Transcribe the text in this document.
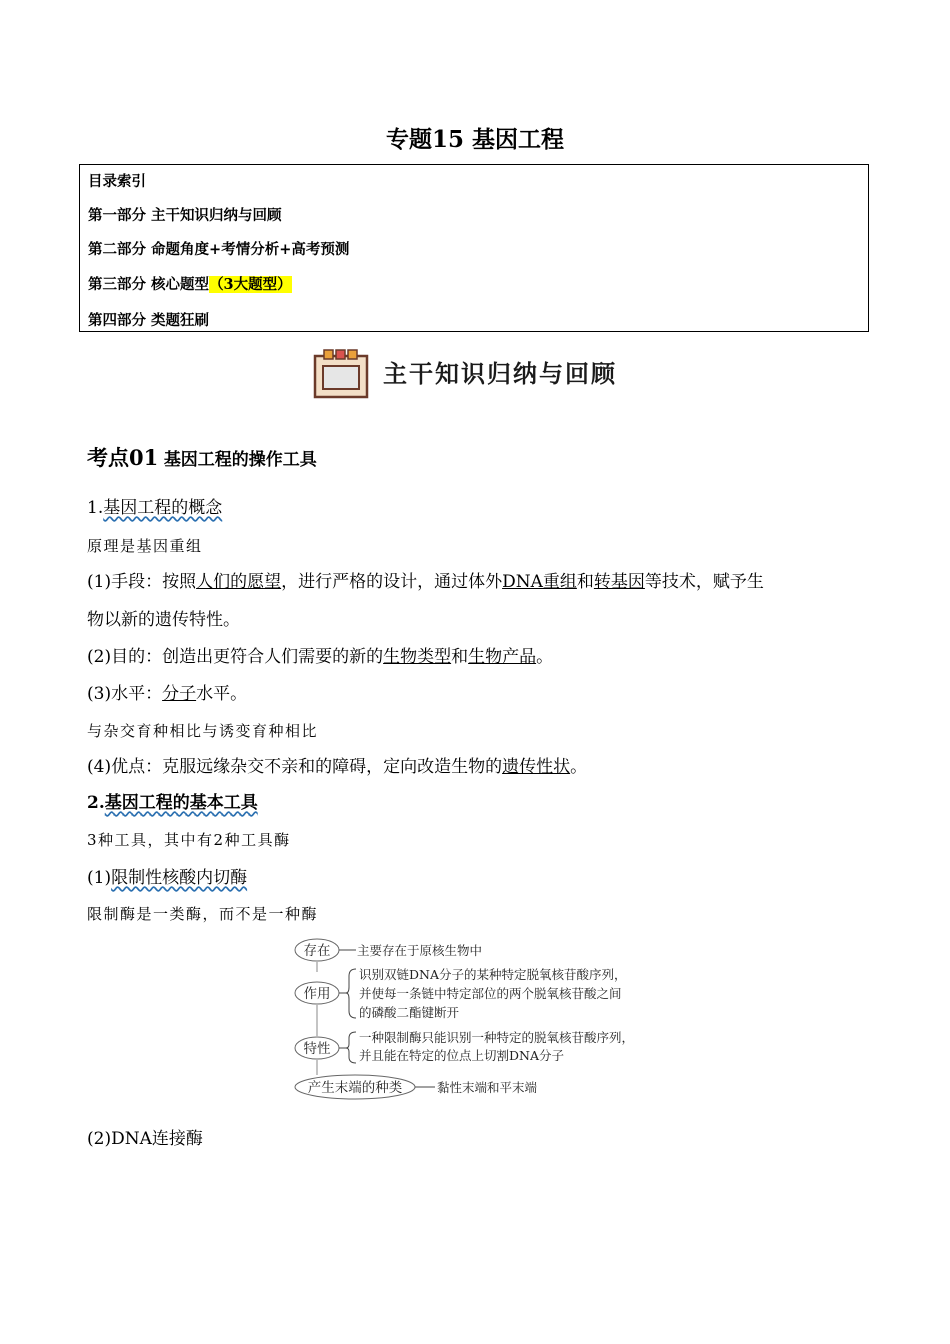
专题15 基因工程
目录索引
第一部分 主干知识归纳与回顾
第二部分 命题角度+考情分析+高考预测
第三部分 核心题型（3大题型）
第四部分 类题狂刷
主干知识归纳与回顾
考点01 基因工程的操作工具
1.基因工程的概念
原理是基因重组
(1)手段：按照人们的愿望，进行严格的设计，通过体外DNA重组和转基因等技术，赋予生
物以新的遗传特性。
(2)目的：创造出更符合人们需要的新的生物类型和生物产品。
(3)水平：分子水平。
与杂交育种相比与诱变育种相比
(4)优点：克服远缘杂交不亲和的障碍，定向改造生物的遗传性状。
2.基因工程的基本工具
3种工具，其中有2种工具酶
(1)限制性核酸内切酶
限制酶是一类酶，而不是一种酶
存在 主要存在于原核生物中
作用
识别双链DNA分子的某种特定脱氧核苷酸序列，
并使每一条链中特定部位的两个脱氧核苷酸之间
的磷酸二酯键断开
特性
一种限制酶只能识别一种特定的脱氧核苷酸序列，
并且能在特定的位点上切割DNA分子
产生末端的种类	黏性末端和平末端
(2)DNA连接酶
